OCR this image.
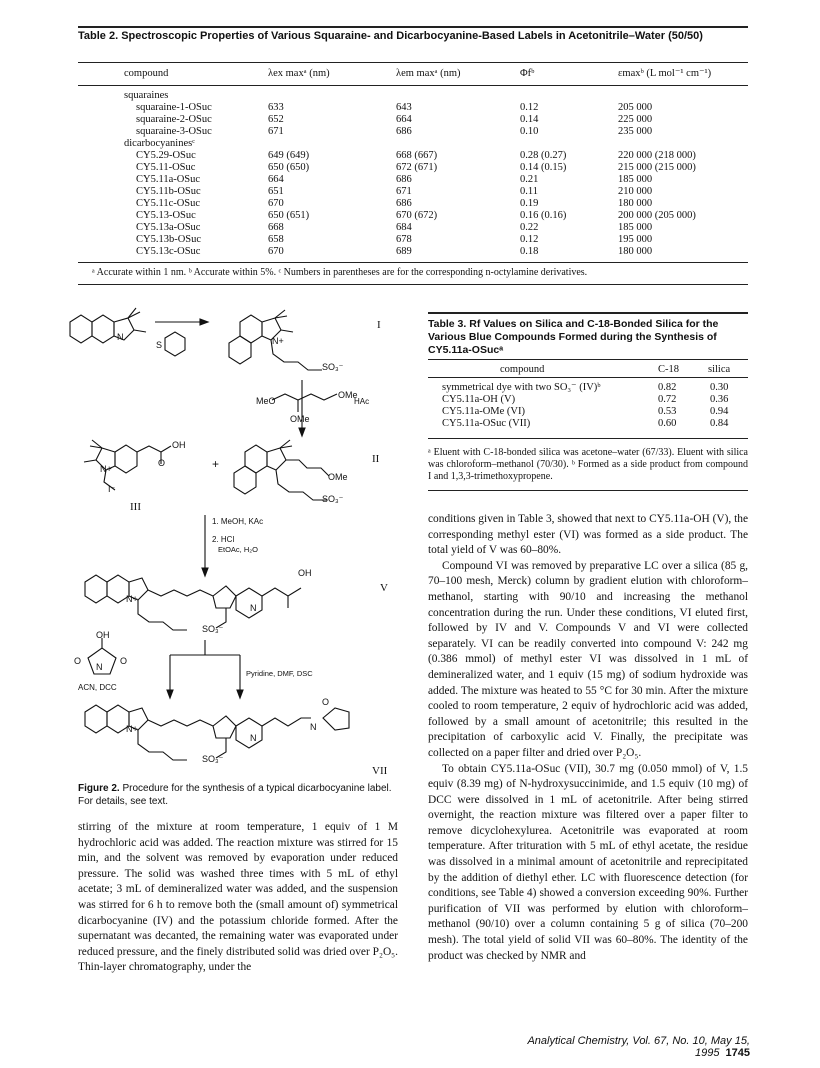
Table 2. Spectroscopic Properties of Various Squaraine- and Dicarbocyanine-Based Labels in Acetonitrile–Water (50/50)
compound	λex maxᵃ (nm)	λem maxᵃ (nm)	Φfᵇ	εmaxᵇ (L mol⁻¹ cm⁻¹)
squaraines
squaraine-1-OSuc	633	643	0.12	205 000
squaraine-2-OSuc	652	664	0.14	225 000
squaraine-3-OSuc	671	686	0.10	235 000
dicarbocyaninesᶜ
CY5.29-OSuc	649 (649)	668 (667)	0.28 (0.27)	220 000 (218 000)
CY5.11-OSuc	650 (650)	672 (671)	0.14 (0.15)	215 000 (215 000)
CY5.11a-OSuc	664	686	0.21	185 000
CY5.11b-OSuc	651	671	0.11	210 000
CY5.11c-OSuc	670	686	0.19	180 000
CY5.13-OSuc	650 (651)	670 (672)	0.16 (0.16)	200 000 (205 000)
CY5.13a-OSuc	668	684	0.22	185 000
CY5.13b-OSuc	658	678	0.12	195 000
CY5.13c-OSuc	670	689	0.18	180 000
ᵃ Accurate within 1 nm. ᵇ Accurate within 5%. ᶜ Numbers in parentheses are for the corresponding n-octylamine derivatives.
S
N	N+
SO₃⁻
MeO
OMe
OMe
HAc
OMe
SO₃⁻
OH
O
N+
I⁻
+
1. MeOH, KAc
2. HCl
EtOAc, H₂O
OH
N+
SO₃⁻
N
OH
N
O	O
ACN, DCC
Pyridine, DMF, DSC
N+
SO₃⁻
N
N
O
I
II
III
V
VII
Figure 2. Procedure for the synthesis of a typical dicarbocyanine label. For details, see text.
stirring of the mixture at room temperature, 1 equiv of 1 M hydrochloric acid was added. The reaction mixture was stirred for 15 min, and the solvent was removed by evaporation under reduced pressure. The solid was washed three times with 5 mL of ethyl acetate; 3 mL of demineralized water was added, and the suspension was stirred for 6 h to remove both the (small amount of) symmetrical dicarbocyanine (IV) and the potassium chloride formed. After the supernatant was decanted, the remaining water was evaporated under reduced pressure, and the finely distributed solid was dried over P₂O₅. Thin-layer chromatography, under the
Table 3. Rf Values on Silica and C-18-Bonded Silica for the Various Blue Compounds Formed during the Synthesis of CY5.11a-OSucᵃ
compound	C-18	silica
symmetrical dye with two SO₃⁻ (IV)ᵇ	0.82	0.30
CY5.11a-OH (V)	0.72	0.36
CY5.11a-OMe (VI)	0.53	0.94
CY5.11a-OSuc (VII)	0.60	0.84
ᵃ Eluent with C-18-bonded silica was acetone–water (67/33). Eluent with silica was chloroform–methanol (70/30). ᵇ Formed as a side product from compound I and 1,3,3-trimethoxypropene.

conditions given in Table 3, showed that next to CY5.11a-OH (V), the corresponding methyl ester (VI) was formed as a side product. The total yield of V was 60–80%.

Compound VI was removed by preparative LC over a silica (85 g, 70–100 mesh, Merck) column by gradient elution with chloroform–methanol, starting with 90/10 and increasing the methanol concentration during the run. Under these conditions, VI eluted first, followed by IV and V. Compounds V and VI were collected separately. VI can be readily converted into compound V: 242 mg (0.386 mmol) of methyl ester VI was dissolved in 1 mL of demineralized water, and 1 equiv (15 mg) of sodium hydroxide was added. The mixture was heated to 55 °C for 30 min. After the mixture cooled to room temperature, 2 equiv of hydrochloric acid was added, followed by a small amount of acetonitrile; this resulted in the precipitation of carboxylic acid V. Finally, the precipitate was collected on a paper filter and dried over P₂O₅.

To obtain CY5.11a-OSuc (VII), 30.7 mg (0.050 mmol) of V, 1.5 equiv (8.39 mg) of N-hydroxysuccinimide, and 1.5 equiv (10 mg) of DCC were dissolved in 1 mL of acetonitrile. After being stirred overnight, the reaction mixture was filtered over a paper filter to remove dicyclohexylurea. Acetonitrile was evaporated at room temperature. After trituration with 5 mL of ethyl acetate, the residue was dissolved in a minimal amount of acetonitrile and reprecipitated by the addition of diethyl ether. LC with fluorescence detection (for conditions, see Table 4) showed a conversion exceeding 90%. Further purification of VII was performed by elution with chloroform–methanol (90/10) over a column containing 5 g of silica (70–200 mesh). The total yield of solid VII was 60–80%. The identity of the product was checked by NMR and

Analytical Chemistry, Vol. 67, No. 10, May 15, 1995 1745
